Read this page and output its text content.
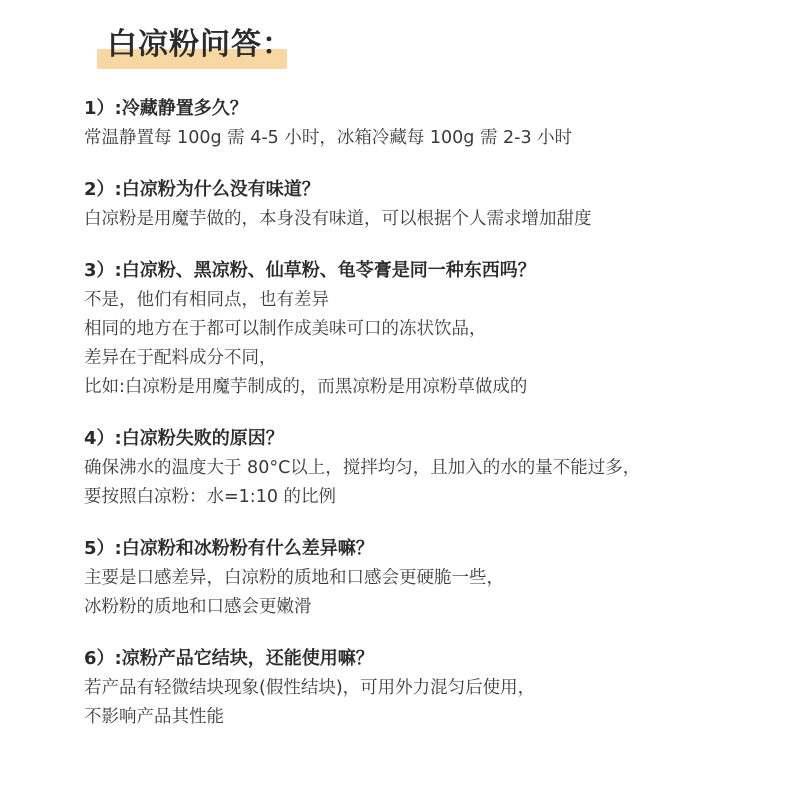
白凉粉问答：

1）:冷藏静置多久？

常温静置每 100g 需 4-5 小时，冰箱冷藏每 100g 需 2-3 小时

2）:白凉粉为什么没有味道？

白凉粉是用魔芋做的，本身没有味道，可以根据个人需求增加甜度

3）:白凉粉、黑凉粉、仙草粉、龟苓膏是同一种东西吗？

不是，他们有相同点，也有差异

相同的地方在于都可以制作成美味可口的冻状饮品，

差异在于配料成分不同，

比如:白凉粉是用魔芋制成的，而黑凉粉是用凉粉草做成的

4）:白凉粉失败的原因？

确保沸水的温度大于 80°C以上，搅拌均匀，且加入的水的量不能过多，

要按照白凉粉：水=1:10 的比例

5）:白凉粉和冰粉粉有什么差异嘛？

主要是口感差异，白凉粉的质地和口感会更硬脆一些，

冰粉粉的质地和口感会更嫩滑

6）:凉粉产品它结块，还能使用嘛？

若产品有轻微结块现象(假性结块)，可用外力混匀后使用，

不影响产品其性能
